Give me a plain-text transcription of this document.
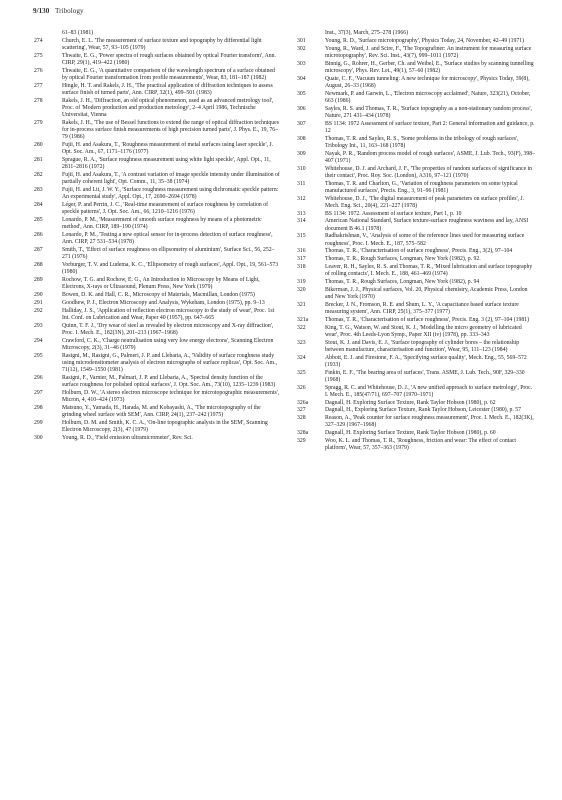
9/130 Tribology
61–83 (1981)
274	Church, E. L. 'The measurement of surface texture and topography by differential light scattering', Wear, 57, 93–105 (1979)
275	Thwaite, E. G., 'Power spectra of rough surfaces obtained by optical Fourier transform', Ann. CIRP, 29(1), 419–422 (1980)
276	Thwaite, E. G., 'A quantitative comparison of the wavelength spectrum of a surface obtained by optical Fourier transformation from profile measurements', Wear, 83, 181–187 (1982)
277	Hingle, H. T. and Rakels, J. H., 'The practical application of diffraction techniques to assess surface finish of turned parts', Ann. CIRP, 32(1), 499–501 (1983)
278	Rakels, J. H., 'Diffraction, an old optical phenomenon, used as an advanced metrology tool', Proc. of 'Modern production and production metrology', 2–4 April 1986, Technische Universitat, Vienna
279	Rakels, J. H., 'The use of Bessel functions to extend the range of optical diffraction techniques for in-process surface finish measurements of high precision turned parts', J. Phys. E., 19, 76–79 (1986)
280	Fujii, H. and Asakura, T., 'Roughness measurement of metal surfaces using laser speckle', J. Opt. Soc. Am., 67, 1171–1176 (1977)
281	Sprague, R. A., 'Surface roughness measurement using white light speckle', Appl. Opt., 11, 2811–2816 (1972)
282	Fujii, H. and Asakura, T., 'A contrast variation of image speckle intensity under illumination of partially coherent light', Opt. Comm., 11, 35–38 (1974)
283	Fujii, H. and Lit, J. W. Y., 'Surface roughness measurement using dichromatic speckle pattern: An experimental study', Appl. Opt., 17, 2690–2694 (1978)
284	Léger, P. and Perrin, J. C., 'Real-time measurement of surface roughness by correlation of speckle patterns', J. Opt. Soc. Am., 66, 1210–1216 (1976)
285	Lonardo, P. M., 'Measurement of smooth surface roughness by means of a photometric method', Ann. CIRP, 189–190 (1974)
286	Lonardo, P. M., 'Testing a new optical sensor for in-process detection of surface roughness', Ann. CIRP, 27 531–534 (1978)
287	Smith, T., 'Effect of surface roughness on ellipsometry of aluminium', Surface Sci., 56, 252–271 (1976)
288	Vorburger, T. V. and Ludema, K. C., 'Ellipsometry of rough surfaces', Appl. Opt., 19, 561–573 (1980)
289	Rochow, T. G. and Rochow, E. G., An Introduction to Microscopy by Means of Light, Electrons, X-rays or Ultrasound, Plenum Press, New York (1979)
290	Bowen, D. K. and Hall, C. R., Microscopy of Materials, Macmillan, London (1975)
291	Goodhew, P. J., Electron Microscopy and Analysis, Wykeham, London (1975), pp. 9–13
292	Halliday, J. S., 'Application of reflection electron microscopy to the study of wear', Proc. 1st Int. Conf. on Lubrication and Wear, Paper 40 (1957), pp. 647–665
293	Quinn, T. F. J., 'Dry wear of steel as revealed by electron microscopy and X-ray diffraction', Proc. I. Mech. E., 182(3N), 201–213 (1967–1968)
294	Crawford, C. K., 'Charge neutralisation using very low energy electrons', Scanning Electron Microscopy, 2(3), 31–46 (1979)
295	Rasigni, M., Rasigni, G., Palmeri, J. P. and Llebaria, A., 'Validity of surface roughness study using microdensitometer analysis of electron micrographs of surface replicas', Opt. Soc. Am., 71(12), 1549–1550 (1981)
296	Rasigni, F., Varnier, M., Palmari, J. P. and Llebaria, A., 'Spectral density function of the surface roughness for polished optical surfaces', J. Opt. Soc. Am., 73(10), 1235–1239 (1983)
297	Holburn, D. W., 'A stereo electron microscope technique for microtopographic measurements', Micron, 4, 410–424 (1973)
298	Matsuno, Y., Yamada, H., Harada, M. and Kobayashi, A., 'The microtopography of the grinding wheel surface with SEM', Ann. CIRP, 24(1), 237–242 (1975)
299	Holburn, D. M. and Smith, K. C. A., 'On-line topographic analysis in the SEM', Scanning Electron Microscopy, 2(3), 47 (1979)
300	Young, R. D., 'Field emission ultramicrometer', Rev. Sci.
Inst., 37(3), March, 275–278 (1966)
301	Young, R. D., 'Surface microtopography', Physics Today, 24, November, 42–49 (1971)
302	Young, R., Ward, J. and Scire, F., 'The Topografiner: An instrument for measuring surface microtopography', Rev. Sci. Inst., 43(7), 999–1011 (1972)
303	Binnig, G., Rohrer, H., Gerber, Ch. and Weibel, E., 'Surface studies by scanning tunnelling microscopy', Phys. Rev. Let., 49(1), 57–60 (1982)
304	Quate, C. F., 'Vacuum tunneling: A new technique for microscopy', Physics Today, 39(8), August, 26–33 (1968)
305	Newmark, P. and Garwin, L., 'Electron microscopy acclaimed', Nature, 323(21), October, 663 (1986)
306	Sayles, R. S. and Thomas, T. R., 'Surface topography as a non-stationary random process', Nature, 271 431–434 (1978)
307	BS 1134: 1972 Assessment of surface texture, Part 2: General information and guidance, p. 12
308	Thomas, T. R. and Sayles, R. S., 'Some problems in the tribology of rough surfaces', Tribology Int., 11, 163–168 (1978)
309	Nayak, P. R., 'Random process model of rough surfaces', ASME, J. Lub. Tech., 93(F), 398–407 (1971)
310	Whitehouse, D. J. and Archard, J. F., 'The properties of random surfaces of significance in their contact', Proc. Roy. Soc. (London), A316, 97–121 (1970)
311	Thomas, T. R. and Charlton, G., 'Variation of roughness parameters on some typical manufactured surfaces', Precis. Eng., 3, 91–96 (1981)
312	Whitehouse, D. J., 'The digital measurement of peak parameters on surface profiles', J. Mech. Eng. Sci., 20(4), 221–227 (1978)
313	BS 1134: 1972. Assessment of surface texture, Part 1, p. 10
314	American National Standard, Surface texture-surface roughness waviness and lay, ANSI document B 46.1 (1978)
315	Radhakrishnan, V., 'Analysis of some of the reference lines used for measuring surface roughness', Proc. I. Mech. E., 187, 575–582
316	Thomas, T. R., 'Characterisation of surface roughness', Precis. Eng., 3(2), 97–104
317	Thomas, T. R., Rough Surfaces, Longman, New York (1982), p. 92.
318	Leaver, R. H., Sayles, R. S. and Thomas, T. R., 'Mixed lubrication and surface topography of rolling contacts', I. Mech. E., 188, 461–469 (1974)
319	Thomas, T. R., Rough Surfaces, Longman, New York (1982), p. 94
320	Bikerman, J. J., Physical surfaces, Vol. 20, Physical chemistry, Academic Press, London and New York (1970)
321	Brecker, J. N., Fromson, R. E. and Shum, L. Y., 'A capacitance based surface texture measuring system', Ann. CIRP, 25(1), 375–377 (1977)
321a	Thomas, T. R., 'Characterisation of surface roughness', Precis. Eng. 3 (2), 97–104 (1981)
322	King, T. G., Watson, W. and Stout, K. J., 'Modelling the micro geometry of lubricated wear', Proc. 4th Leeds-Lyon Symp., Paper XII (iv) (1978), pp. 333–343
323	Stout, K. J. and Davis, E. J., 'Surface topography of cylinder bores – the relationship between manufacture, characterisation and function', Wear, 95, 111–123 (1984)
324	Abbott, E. J. and Firestone, F. A., 'Specifying surface quality', Mech. Eng., 55, 569–572 (1933)
325	Finkin, E. F., 'The bearing area of surfaces', Trans. ASME, J. Lub. Tech., 90F, 329–330 (1968)
326	Spragg, R. C. and Whitehouse, D. J., 'A new unified approach to surface metrology', Proc. I. Mech. E., 185(47/71), 697–707 (1970–1971)
326a	Dagnall, H. Exploring Surface Texture, Rank Taylor Hobson (1980), p. 62
327	Dagnall, H., Exploring Surface Texture, Rank Taylor Hobson, Leicester (1980), p. 57
328	Reason, A., 'Peak counter for surface roughness measurement', Proc. I. Mech. E., 182(3K), 327–329 (1967–1968)
328a	Dagnall, H. Exploring Surface Texture, Rank Taylor Hobson (1980), p. 60
329	Woo, K. L. and Thomas, T. R., 'Roughness, friction and wear: The effect of contact platform', Wear, 57, 357–363 (1979)
